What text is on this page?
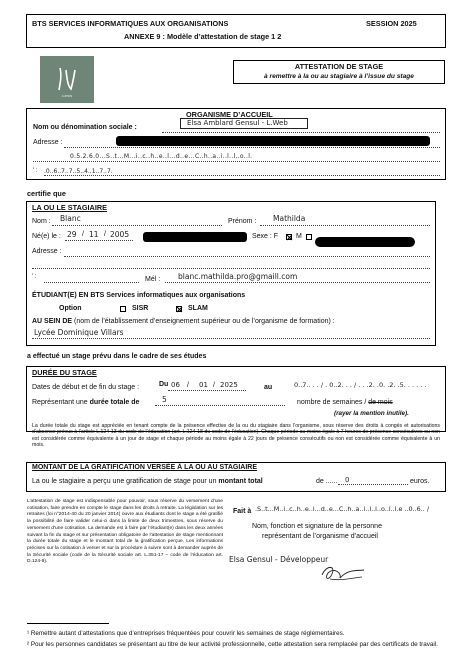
BTS SERVICES INFORMATIQUES AUX ORGANISATIONS	SESSION 2025
ANNEXE 9 : Modèle d’attestation de stage 1 2
Lumos
ATTESTATION DE STAGE
à remettre à la ou au stagiaire à l’issue du stage
ORGANISME D’ACCUEIL
Nom ou dénomination sociale :
Elsa Amblard Gensul - L.Web
Adresse :
0.5.2.6.0...S..t...M...i..c..h..e..l...d..e...C..h..a..i..l..l..o..l.
' : .0..6..7..7..5..4..1..7..7.
certifie que
LA OU LE STAGIAIRE
Nom : Blanc	Prénom : Mathilda
Né(e) le : 29 / 11 / 2005	Sexe : F	M
Adresse :
' :	Mél : blanc.mathilda.pro@gmaill.com
ÉTUDIANT(E) EN BTS Services informatiques aux organisations
Option	SISR	SLAM
AU SEIN DE (nom de l’établissement d’enseignement supérieur ou de l’organisme de formation) :
Lycée Dominique Villars
a effectué un stage prévu dans le cadre de ses études
DURÉE DU STAGE
Dates de début et de fin du stage :	Du 06 / 01 / 2025	au	0..7.. . . / . 0..2. . . / . . .2. .0. .2. .5. . . . . .
Représentant une durée totale de	5	nombre de semaines / de mois
(rayer la mention inutile).
La durée totale du stage est appréciée en tenant compte de la présence effective de la ou du stagiaire dans l’organisme, sous réserve des droits à congés et autorisations d’absence prévus à l’article L.124-13 du code de l’éducation (art. L.124-18 du code de l’éducation). Chaque période au moins égale à 7 heures de présence consécutives ou non est considérée comme équivalente à un jour de stage et chaque période au moins égale à 22 jours de présence consécutifs ou non est considérée comme équivalente à un mois.
MONTANT DE LA GRATIFICATION VERSÉE À LA OU AU STAGIAIRE
La ou le stagiaire a perçu une gratification de stage pour un montant total	de ...... 0	euros.
L’attestation de stage est indispensable pour pouvoir, sous réserve du versement d’une cotisation, faire prendre en compte le stage dans les droits à retraite. La législation sur les retraites (loi n°2014-40 du 20 janvier 2014) ouvre aux étudiants dont le stage a été gratifié la possibilité de faire valider celui-ci dans la limite de deux trimestres, sous réserve du versement d’une cotisation. La demande est à faire par l’étudiant(e) dans les deux années suivant la fin du stage et sur présentation obligatoire de l’attestation de stage mentionnant la durée totale du stage et le montant total de la gratification perçue. Les informations précises sur la cotisation à verser et sur la procédure à suivre sont à demander auprès de la Sécurité sociale (code de la Sécurité sociale art. L.351-17 – code de l’éducation art. D.124-9).
Fait à .S..t...M..i..c..h..e..l...d..e...C..h..a..i..l..l..o..l..l.e ..0..6.. /
Nom, fonction et signature de la personne
représentant de l’organisme d’accueil
Elsa Gensul - Développeur
¹ Remettre autant d’attestations que d’entreprises fréquentées pour couvrir les semaines de stage réglementaires.
² Pour les personnes candidates se présentant au titre de leur activité professionnelle, cette attestation sera remplacée par des certificats de travail.
